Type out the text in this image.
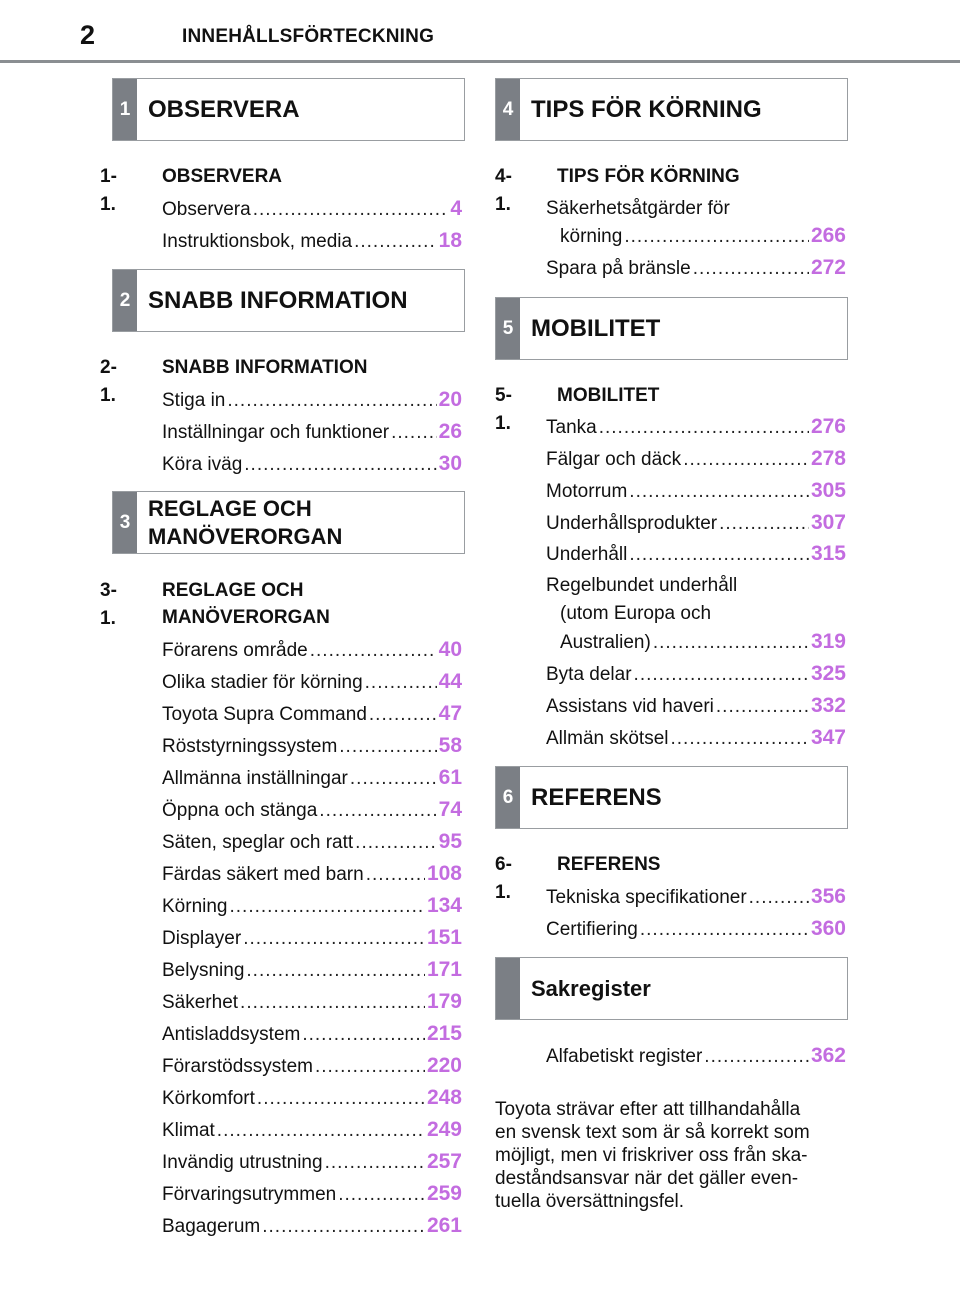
2	INNEHÅLLSFÖRTECKNING
1 OBSERVERA
1-1.
OBSERVERA
Observera .....	4
Instruktionsbok, media .....	18
2 SNABB INFORMATION
2-1.
SNABB INFORMATION
Stiga in .....	20
Inställningar och funktioner ..... 26
Köra iväg .....	30
3
REGLAGE OCH MANÖVERORGAN
3-1.
REGLAGE OCH
MANÖVERORGAN
Förarens område .....	40
Olika stadier för körning .....	44
Toyota Supra Command .....	47
Röststyrningssystem .....	58
Allmänna inställningar .....	61
Öppna och stänga .....	74
Säten, speglar och ratt .....	95
Färdas säkert med barn .....	108
Körning .....	134
Displayer .....	151
Belysning .....	171
Säkerhet .....	179
Antisladdsystem .....	215
Förarstödssystem .....	220
Körkomfort .....	248
Klimat .....	249
Invändig utrustning .....	257
Förvaringsutrymmen .....	259
Bagagerum .....	261
4 TIPS FÖR KÖRNING
4-1.
TIPS FÖR KÖRNING
Säkerhetsåtgärder för
körning .....	266
Spara på bränsle .....	272
5 MOBILITET
5-1.
MOBILITET
Tanka .....	276
Fälgar och däck .....	278
Motorrum .....	305
Underhållsprodukter .....	307
Underhåll .....	315
Regelbundet underhåll
(utom Europa och
Australien) .....	319
Byta delar .....	325
Assistans vid haveri .....	332
Allmän skötsel .....	347
6 REFERENS
6-1.
REFERENS
Tekniska specifikationer .....	356
Certifiering .....	360
Sakregister
Alfabetiskt register .....	362
Toyota strävar efter att tillhandahålla
en svensk text som är så korrekt som
möjligt, men vi friskriver oss från ska-
deståndsansvar när det gäller even-
tuella översättningsfel.
